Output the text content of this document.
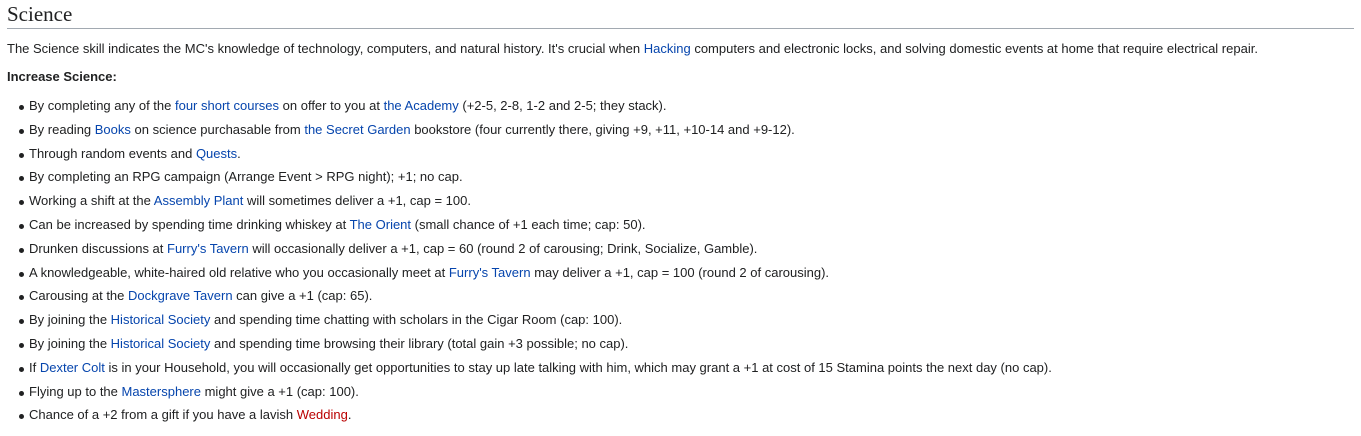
Science

The Science skill indicates the MC's knowledge of technology, computers, and natural history. It's crucial when Hacking computers and electronic locks, and solving domestic events at home that require electrical repair.

Increase Science:

By completing any of the four short courses on offer to you at the Academy (+2-5, 2-8, 1-2 and 2-5; they stack).
By reading Books on science purchasable from the Secret Garden bookstore (four currently there, giving +9, +11, +10-14 and +9-12).
Through random events and Quests.
By completing an RPG campaign (Arrange Event > RPG night); +1; no cap.
Working a shift at the Assembly Plant will sometimes deliver a +1, cap = 100.
Can be increased by spending time drinking whiskey at The Orient (small chance of +1 each time; cap: 50).
Drunken discussions at Furry's Tavern will occasionally deliver a +1, cap = 60 (round 2 of carousing; Drink, Socialize, Gamble).
A knowledgeable, white-haired old relative who you occasionally meet at Furry's Tavern may deliver a +1, cap = 100 (round 2 of carousing).
Carousing at the Dockgrave Tavern can give a +1 (cap: 65).
By joining the Historical Society and spending time chatting with scholars in the Cigar Room (cap: 100).
By joining the Historical Society and spending time browsing their library (total gain +3 possible; no cap).
If Dexter Colt is in your Household, you will occasionally get opportunities to stay up late talking with him, which may grant a +1 at cost of 15 Stamina points the next day (no cap).
Flying up to the Mastersphere might give a +1 (cap: 100).
Chance of a +2 from a gift if you have a lavish Wedding.
